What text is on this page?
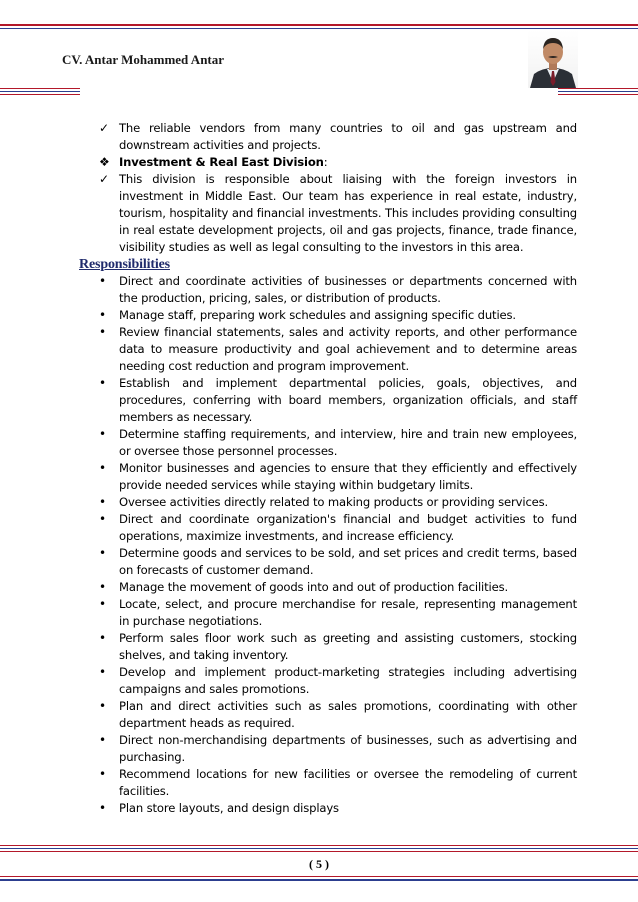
CV. Antar Mohammed Antar
✓ The reliable vendors from many countries to oil and gas upstream and downstream activities and projects.
❖ Investment & Real East Division:
✓ This division is responsible about liaising with the foreign investors in investment in Middle East. Our team has experience in real estate, industry, tourism, hospitality and financial investments. This includes providing consulting in real estate development projects, oil and gas projects, finance, trade finance, visibility studies as well as legal consulting to the investors in this area.
Responsibilities
•	Direct and coordinate activities of businesses or departments concerned with the production, pricing, sales, or distribution of products.
•	Manage staff, preparing work schedules and assigning specific duties.
•	Review financial statements, sales and activity reports, and other performance data to measure productivity and goal achievement and to determine areas needing cost reduction and program improvement.
•	Establish and implement departmental policies, goals, objectives, and procedures, conferring with board members, organization officials, and staff members as necessary.
•	Determine staffing requirements, and interview, hire and train new employees, or oversee those personnel processes.
•	Monitor businesses and agencies to ensure that they efficiently and effectively provide needed services while staying within budgetary limits.
•	Oversee activities directly related to making products or providing services.
•	Direct and coordinate organization's financial and budget activities to fund operations, maximize investments, and increase efficiency.
•	Determine goods and services to be sold, and set prices and credit terms, based on forecasts of customer demand.
•	Manage the movement of goods into and out of production facilities.
•	Locate, select, and procure merchandise for resale, representing management in purchase negotiations.
•	Perform sales floor work such as greeting and assisting customers, stocking shelves, and taking inventory.
•	Develop and implement product-marketing strategies including advertising campaigns and sales promotions.
•	Plan and direct activities such as sales promotions, coordinating with other department heads as required.
•	Direct non-merchandising departments of businesses, such as advertising and purchasing.
•	Recommend locations for new facilities or oversee the remodeling of current facilities.
•	Plan store layouts, and design displays
( 5 )
